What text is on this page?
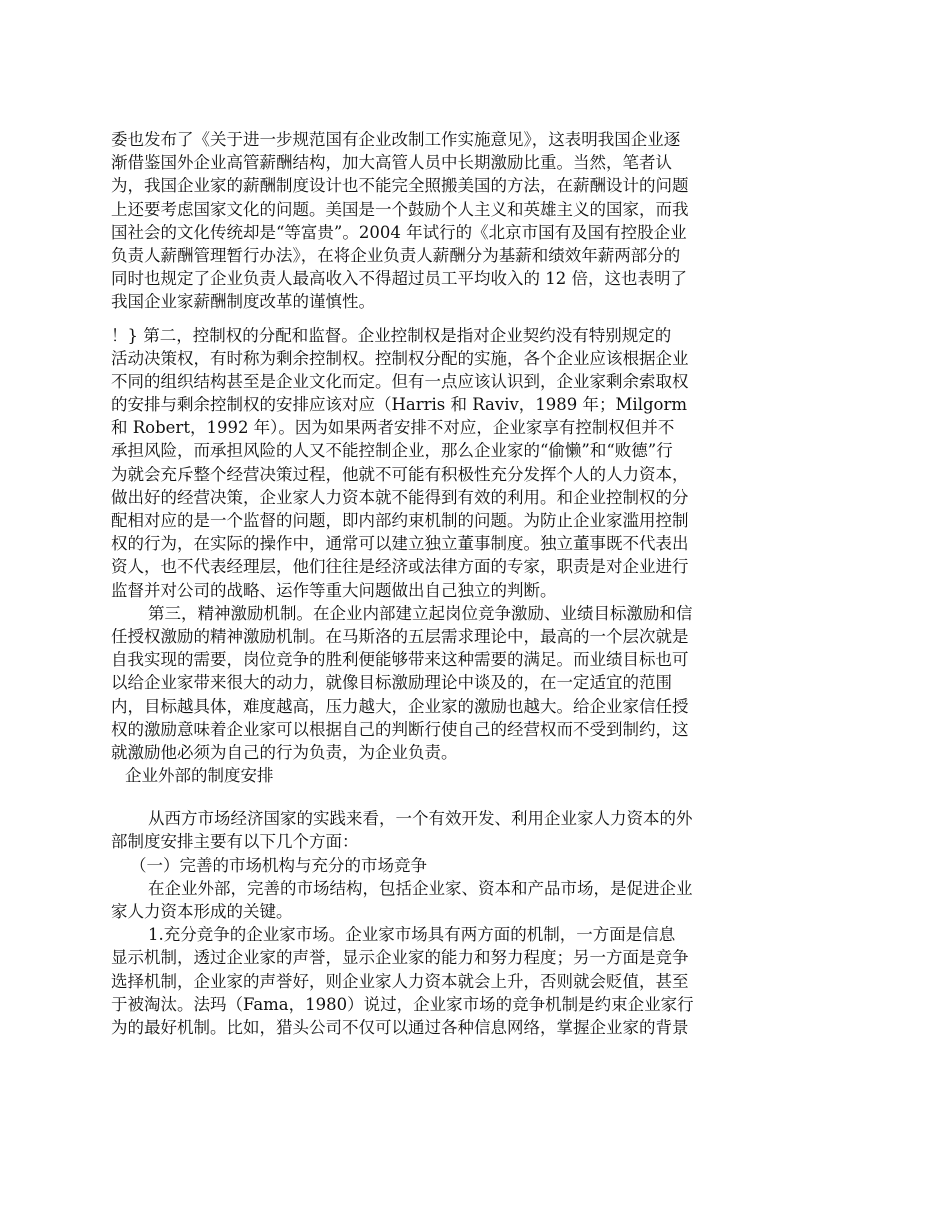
委也发布了《关于进一步规范国有企业改制工作实施意见》，这表明我国企业逐
渐借鉴国外企业高管薪酬结构，加大高管人员中长期激励比重。当然，笔者认
为，我国企业家的薪酬制度设计也不能完全照搬美国的方法，在薪酬设计的问题
上还要考虑国家文化的问题。美国是一个鼓励个人主义和英雄主义的国家，而我
国社会的文化传统却是“等富贵”。2004 年试行的《北京市国有及国有控股企业
负责人薪酬管理暂行办法》，在将企业负责人薪酬分为基薪和绩效年薪两部分的
同时也规定了企业负责人最高收入不得超过员工平均收入的 12 倍，这也表明了
我国企业家薪酬制度改革的谨慎性。
！} 第二，控制权的分配和监督。企业控制权是指对企业契约没有特别规定的
活动决策权，有时称为剩余控制权。控制权分配的实施，各个企业应该根据企业
不同的组织结构甚至是企业文化而定。但有一点应该认识到，企业家剩余索取权
的安排与剩余控制权的安排应该对应（Harris 和 Raviv，1989 年；Milgorm
和 Robert，1992 年）。因为如果两者安排不对应，企业家享有控制权但并不
承担风险，而承担风险的人又不能控制企业，那么企业家的“偷懒”和“败德”行
为就会充斥整个经营决策过程，他就不可能有积极性充分发挥个人的人力资本，
做出好的经营决策，企业家人力资本就不能得到有效的利用。和企业控制权的分
配相对应的是一个监督的问题，即内部约束机制的问题。为防止企业家滥用控制
权的行为，在实际的操作中，通常可以建立独立董事制度。独立董事既不代表出
资人，也不代表经理层，他们往往是经济或法律方面的专家，职责是对企业进行
监督并对公司的战略、运作等重大问题做出自己独立的判断。
第三，精神激励机制。在企业内部建立起岗位竞争激励、业绩目标激励和信
任授权激励的精神激励机制。在马斯洛的五层需求理论中，最高的一个层次就是
自我实现的需要，岗位竞争的胜利便能够带来这种需要的满足。而业绩目标也可
以给企业家带来很大的动力，就像目标激励理论中谈及的，在一定适宜的范围
内，目标越具体，难度越高，压力越大，企业家的激励也越大。给企业家信任授
权的激励意味着企业家可以根据自己的判断行使自己的经营权而不受到制约，这
就激励他必须为自己的行为负责，为企业负责。
企业外部的制度安排
从西方市场经济国家的实践来看，一个有效开发、利用企业家人力资本的外
部制度安排主要有以下几个方面：
（一）完善的市场机构与充分的市场竞争
在企业外部，完善的市场结构，包括企业家、资本和产品市场，是促进企业
家人力资本形成的关键。
1.充分竞争的企业家市场。企业家市场具有两方面的机制，一方面是信息
显示机制，透过企业家的声誉，显示企业家的能力和努力程度；另一方面是竞争
选择机制，企业家的声誉好，则企业家人力资本就会上升，否则就会贬值，甚至
于被淘汰。法玛（Fama，1980）说过，企业家市场的竞争机制是约束企业家行
为的最好机制。比如，猎头公司不仅可以通过各种信息网络，掌握企业家的背景
